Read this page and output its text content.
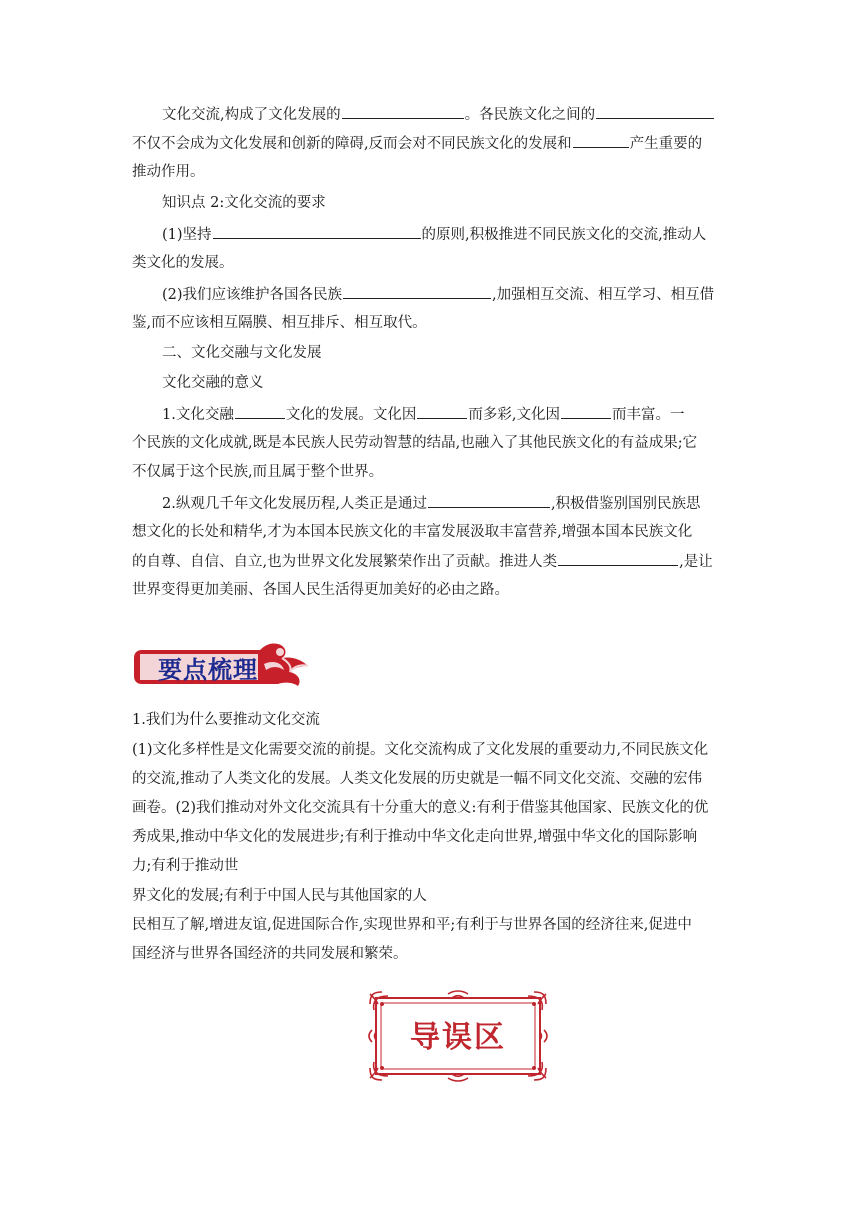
文化交流,构成了文化发展的	。各民族文化之间的
不仅不会成为文化发展和创新的障碍,反而会对不同民族文化的发展和	产生重要的
推动作用。
知识点 2:文化交流的要求
(1)坚持	的原则,积极推进不同民族文化的交流,推动人
类文化的发展。
(2)我们应该维护各国各民族	,加强相互交流、相互学习、相互借
鉴,而不应该相互隔膜、相互排斥、相互取代。
二、文化交融与文化发展
文化交融的意义
1.文化交融	文化的发展。文化因	而多彩,文化因	而丰富。一
个民族的文化成就,既是本民族人民劳动智慧的结晶,也融入了其他民族文化的有益成果;它
不仅属于这个民族,而且属于整个世界。
2.纵观几千年文化发展历程,人类正是通过	,积极借鉴别国别民族思
想文化的长处和精华,才为本国本民族文化的丰富发展汲取丰富营养,增强本国本民族文化
的自尊、自信、自立,也为世界文化发展繁荣作出了贡献。推进人类	,是让
世界变得更加美丽、各国人民生活得更加美好的必由之路。
要点梳理
1.我们为什么要推动文化交流
(1)文化多样性是文化需要交流的前提。文化交流构成了文化发展的重要动力,不同民族文化
的交流,推动了人类文化的发展。人类文化发展的历史就是一幅不同文化交流、交融的宏伟
画卷。(2)我们推动对外文化交流具有十分重大的意义:有利于借鉴其他国家、民族文化的优
秀成果,推动中华文化的发展进步;有利于推动中华文化走向世界,增强中华文化的国际影响
力;有利于推动世
界文化的发展;有利于中国人民与其他国家的人
民相互了解,增进友谊,促进国际合作,实现世界和平;有利于与世界各国的经济往来,促进中
国经济与世界各国经济的共同发展和繁荣。
导误区
